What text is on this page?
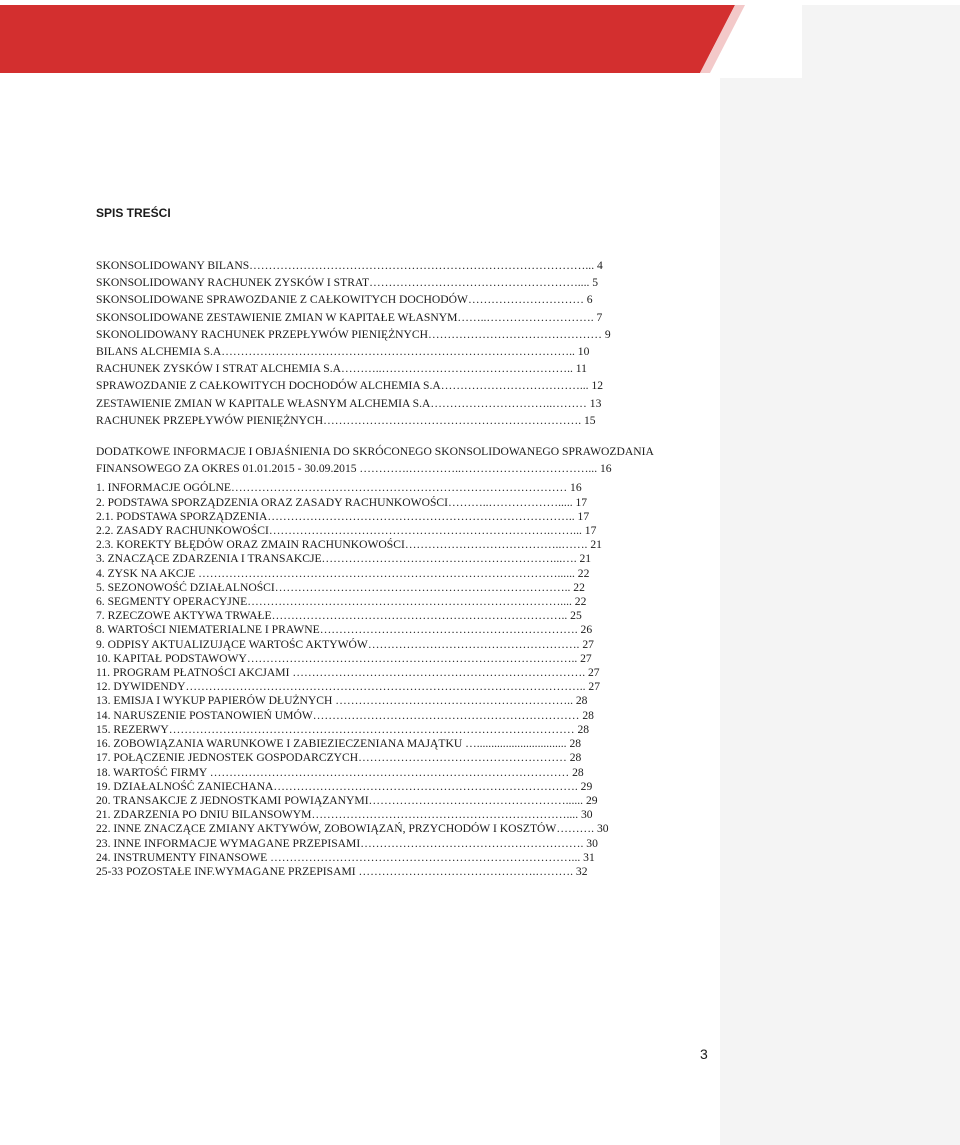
SPIS TREŚCI
SKONSOLIDOWANY BILANS……………………………………………………………………………... 4
SKONSOLIDOWANY RACHUNEK ZYSKÓW I STRAT……………………………………………….... 5
SKONSOLIDOWANE SPRAWOZDANIE Z CAŁKOWITYCH DOCHODÓW………………………… 6
SKONSOLIDOWANE ZESTAWIENIE ZMIAN W KAPITAŁE WŁASNYM……..………………………. 7
SKONOLIDOWANY RACHUNEK PRZEPŁYWÓW PIENIĘŻNYCH……………………………………… 9
BILANS ALCHEMIA S.A……………………………………………………………………………….. 10
RACHUNEK ZYSKÓW I STRAT ALCHEMIA S.A………..………………………………………….. 11
SPRAWOZDANIE Z CAŁKOWITYCH DOCHODÓW ALCHEMIA S.A………………………………... 12
ZESTAWIENIE ZMIAN W KAPITALE WŁASNYM ALCHEMIA S.A…………………………..……… 13
RACHUNEK PRZEPŁYWÓW PIENIĘŻNYCH…………………………………………………………. 15
DODATKOWE INFORMACJE I OBJAŚNIENIA DO SKRÓCONEGO SKONSOLIDOWANEGO SPRAWOZDANIA
FINANSOWEGO ZA OKRES 01.01.2015 - 30.09.2015 ………….…………..……………………………... 16
1. INFORMACJE OGÓLNE…………………………………………………………………………… 16
2. PODSTAWA SPORZĄDZENIA ORAZ ZASADY RACHUNKOWOŚCI………..………………..... 17
2.1. PODSTAWA SPORZĄDZENIA…………………………………………………………………….. 17
2.2. ZASADY RACHUNKOWOŚCI……………………………………………………………….……... 17
2.3. KOREKTY BŁĘDÓW ORAZ ZMAIN RACHUNKOWOŚCI…………………………………..……. 21
3. ZNACZĄCE ZDARZENIA I TRANSAKCJE……………………………………………………...…. 21
4. ZYSK NA AKCJE …………………………………………………………………………………...... 22
5. SEZONOWOŚĆ DZIAŁALNOŚCI………………………………………………………………….. 22
6. SEGMENTY OPERACYJNE……………………………………………………………………….... 22
7. RZECZOWE AKTYWA TRWAŁE………………………………………………………………….. 25
8. WARTOŚCI NIEMATERIALNE I PRAWNE…………………………………………………………. 26
9. ODPISY AKTUALIZUJĄCE WARTOŚC AKTYWÓW………………………………………………. 27
10. KAPITAŁ PODSTAWOWY………………………………………………………………………….. 27
11. PROGRAM PŁATNOŚCI AKCJAMI …………………………………………………………………. 27
12. DYWIDENDY………………………………………………………………………………………….. 27
13. EMISJA I WYKUP PAPIERÓW DŁUŻNYCH …………………………………………………….. 28
14. NARUSZENIE POSTANOWIEŃ UMÓW…………………………………………………………… 28
15. REZERWY…………………………………………………………………………………………… 28
16. ZOBOWIĄZANIA WARUNKOWE I ZABIEZIECZENIANA MAJĄTKU …............................... 28
17. POŁĄCZENIE JEDNOSTEK GOSPODARCZYCH……………………………………………… 28
18. WARTOŚĆ FIRMY ………………………………………………………………………………… 28
19. DZIAŁALNOŚĆ ZANIECHANA……………………………………………………………………. 29
20. TRANSAKCJE Z JEDNOSTKAMI POWIĄZANYMI……………………………………………...... 29
21. ZDARZENIA PO DNIU BILANSOWYM………………………………………………………….... 30
22. INNE ZNACZĄCE ZMIANY AKTYWÓW, ZOBOWIĄZAŃ, PRZYCHODÓW I KOSZTÓW………. 30
23. INNE INFORMACJE WYMAGANE PRZEPISAMI…………………………………………………. 30
24. INSTRUMENTY FINANSOWE ……………………………………………………………………... 31
25-33 POZOSTAŁE INF.WYMAGANE PRZEPISAMI ……………………………………….………. 32
3
